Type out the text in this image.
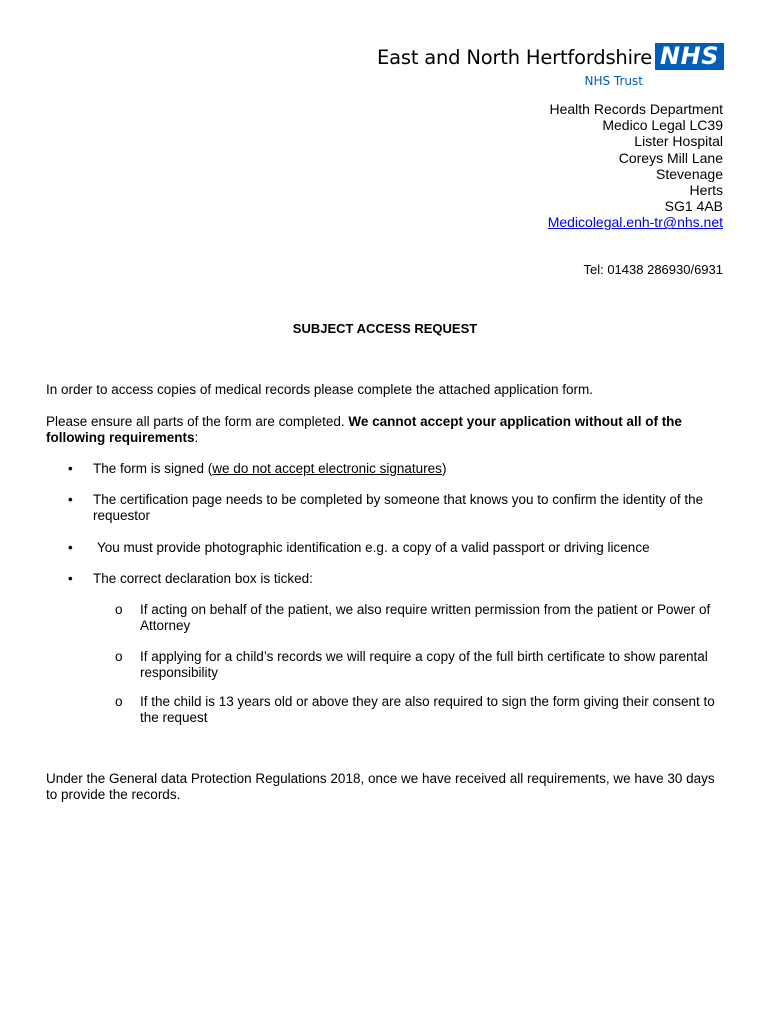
East and North Hertfordshire
NHS Trust
NHS
Health Records Department
Medico Legal LC39
Lister Hospital
Coreys Mill Lane
Stevenage
Herts
SG1 4AB
Medicolegal.enh-tr@nhs.net
Tel: 01438 286930/6931
SUBJECT ACCESS REQUEST
In order to access copies of medical records please complete the attached application form.
Please ensure all parts of the form are completed. We cannot accept your application without all of the following requirements:
• The form is signed (we do not accept electronic signatures)
• The certification page needs to be completed by someone that knows you to confirm the identity of the requestor
• You must provide photographic identification e.g. a copy of a valid passport or driving licence
• The correct declaration box is ticked:
o If acting on behalf of the patient, we also require written permission from the patient or Power of Attorney
o If applying for a child’s records we will require a copy of the full birth certificate to show parental responsibility
o If the child is 13 years old or above they are also required to sign the form giving their consent to the request
Under the General data Protection Regulations 2018, once we have received all requirements, we have 30 days to provide the records.
